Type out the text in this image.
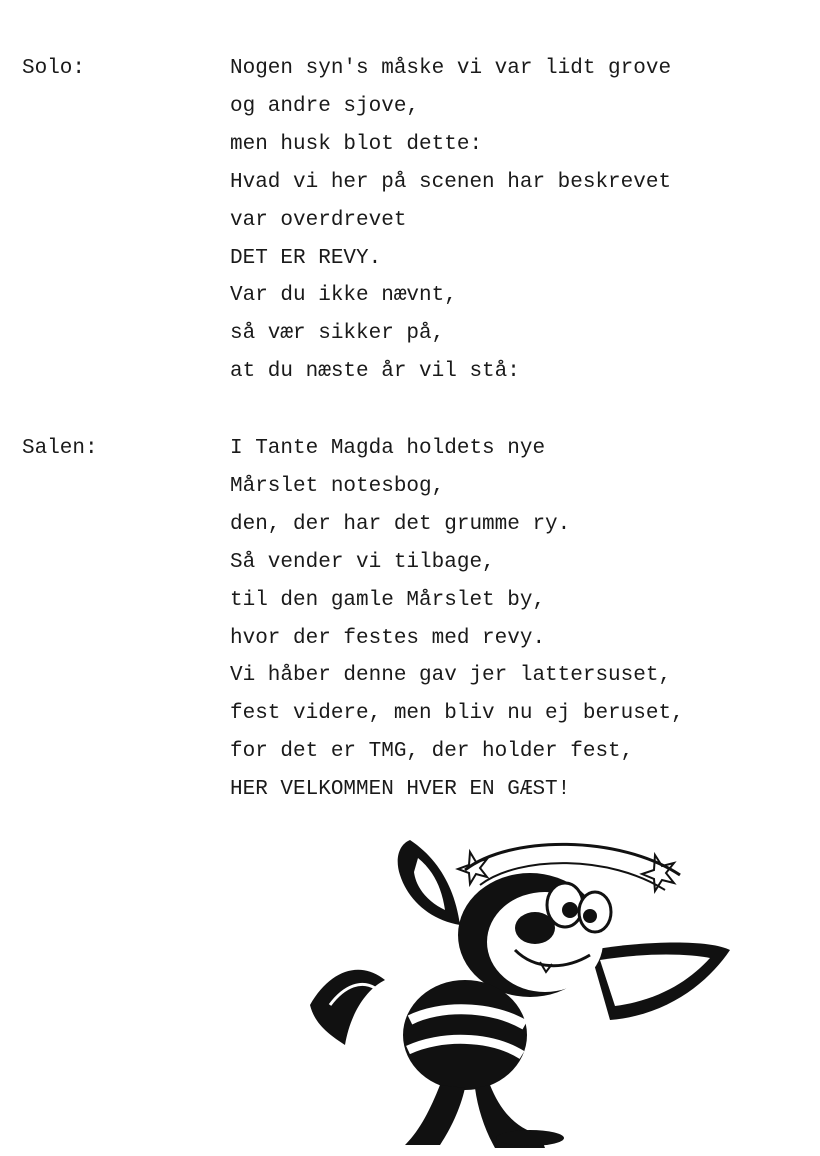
Solo:	Nogen syn's måske vi var lidt grove
og andre sjove,
men husk blot dette:
Hvad vi her på scenen har beskrevet
var overdrevet
DET ER REVY.
Var du ikke nævnt,
så vær sikker på,
at du næste år vil stå:
Salen:	I Tante Magda holdets nye
Mårslet notesbog,
den, der har det grumme ry.
Så vender vi tilbage,
til den gamle Mårslet by,
hvor der festes med revy.
Vi håber denne gav jer lattersuset,
fest videre, men bliv nu ej beruset,
for det er TMG, der holder fest,
HER VELKOMMEN HVER EN GÆST!
